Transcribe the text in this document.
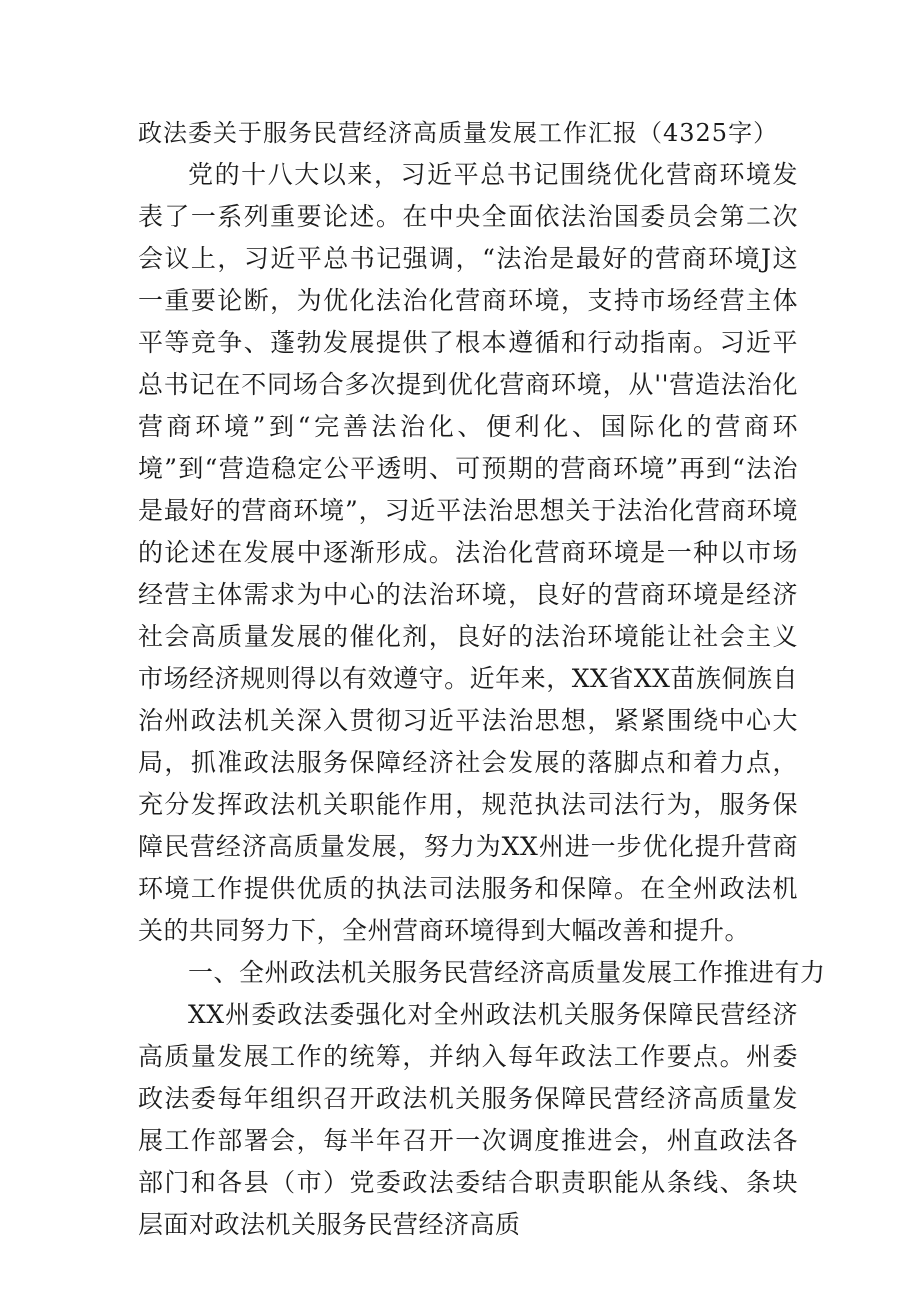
政法委关于服务民营经济高质量发展工作汇报（4325字）

党的十八大以来，习近平总书记围绕优化营商环境发表了一系列重要论述。在中央全面依法治国委员会第二次会议上，习近平总书记强调，“法治是最好的营商环境J这一重要论断，为优化法治化营商环境，支持市场经营主体平等竞争、蓬勃发展提供了根本遵循和行动指南。习近平总书记在不同场合多次提到优化营商环境，从''营造法治化营商环境”到“完善法治化、便利化、国际化的营商环境”到“营造稳定公平透明、可预期的营商环境”再到“法治是最好的营商环境”，习近平法治思想关于法治化营商环境的论述在发展中逐渐形成。法治化营商环境是一种以市场经营主体需求为中心的法治环境，良好的营商环境是经济社会高质量发展的催化剂，良好的法治环境能让社会主义市场经济规则得以有效遵守。近年来，XX省XX苗族侗族自治州政法机关深入贯彻习近平法治思想，紧紧围绕中心大局，抓准政法服务保障经济社会发展的落脚点和着力点，充分发挥政法机关职能作用，规范执法司法行为，服务保障民营经济高质量发展，努力为XX州进一步优化提升营商环境工作提供优质的执法司法服务和保障。在全州政法机关的共同努力下，全州营商环境得到大幅改善和提升。

一、全州政法机关服务民营经济高质量发展工作推进有力

XX州委政法委强化对全州政法机关服务保障民营经济高质量发展工作的统筹，并纳入每年政法工作要点。州委政法委每年组织召开政法机关服务保障民营经济高质量发展工作部署会，每半年召开一次调度推进会，州直政法各部门和各县（市）党委政法委结合职责职能从条线、条块层面对政法机关服务民营经济高质
